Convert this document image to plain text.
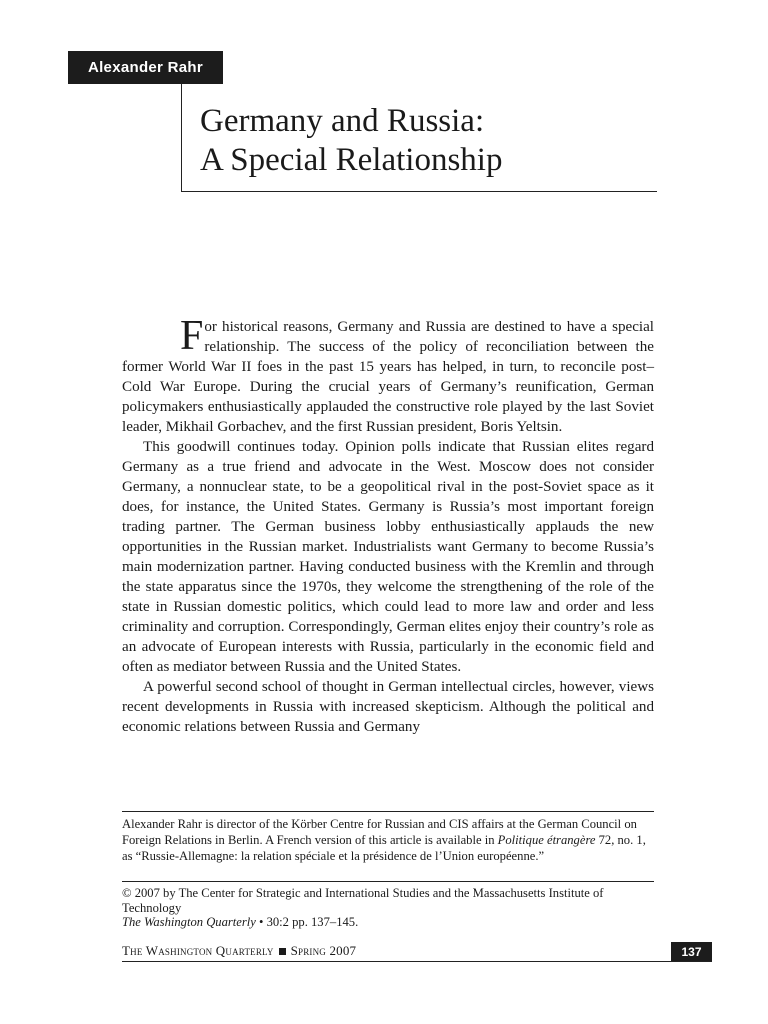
Alexander Rahr
Germany and Russia:
A Special Relationship

For historical reasons, Germany and Russia are destined to have a special relationship. The success of the policy of reconciliation between the former World War II foes in the past 15 years has helped, in turn, to reconcile post–Cold War Europe. During the crucial years of Germany’s reunification, German policymakers enthusiastically applauded the constructive role played by the last Soviet leader, Mikhail Gorbachev, and the first Russian president, Boris Yeltsin.

This goodwill continues today. Opinion polls indicate that Russian elites regard Germany as a true friend and advocate in the West. Moscow does not consider Germany, a nonnuclear state, to be a geopolitical rival in the post-Soviet space as it does, for instance, the United States. Germany is Russia’s most important foreign trading partner. The German business lobby enthusiastically applauds the new opportunities in the Russian market. Industrialists want Germany to become Russia’s main modernization partner. Having conducted business with the Kremlin and through the state apparatus since the 1970s, they welcome the strengthening of the role of the state in Russian domestic politics, which could lead to more law and order and less criminality and corruption. Correspondingly, German elites enjoy their country’s role as an advocate of European interests with Russia, particularly in the economic field and often as mediator between Russia and the United States.

A powerful second school of thought in German intellectual circles, however, views recent developments in Russia with increased skepticism. Although the political and economic relations between Russia and Germany

Alexander Rahr is director of the Körber Centre for Russian and CIS affairs at the German Council on Foreign Relations in Berlin. A French version of this article is available in Politique étrangère 72, no. 1, as “Russie-Allemagne: la relation spéciale et la présidence de l’Union européenne.”
© 2007 by The Center for Strategic and International Studies and the Massachusetts Institute of Technology
The Washington Quarterly • 30:2 pp. 137–145.
The Washington Quarterly Spring 2007	137
